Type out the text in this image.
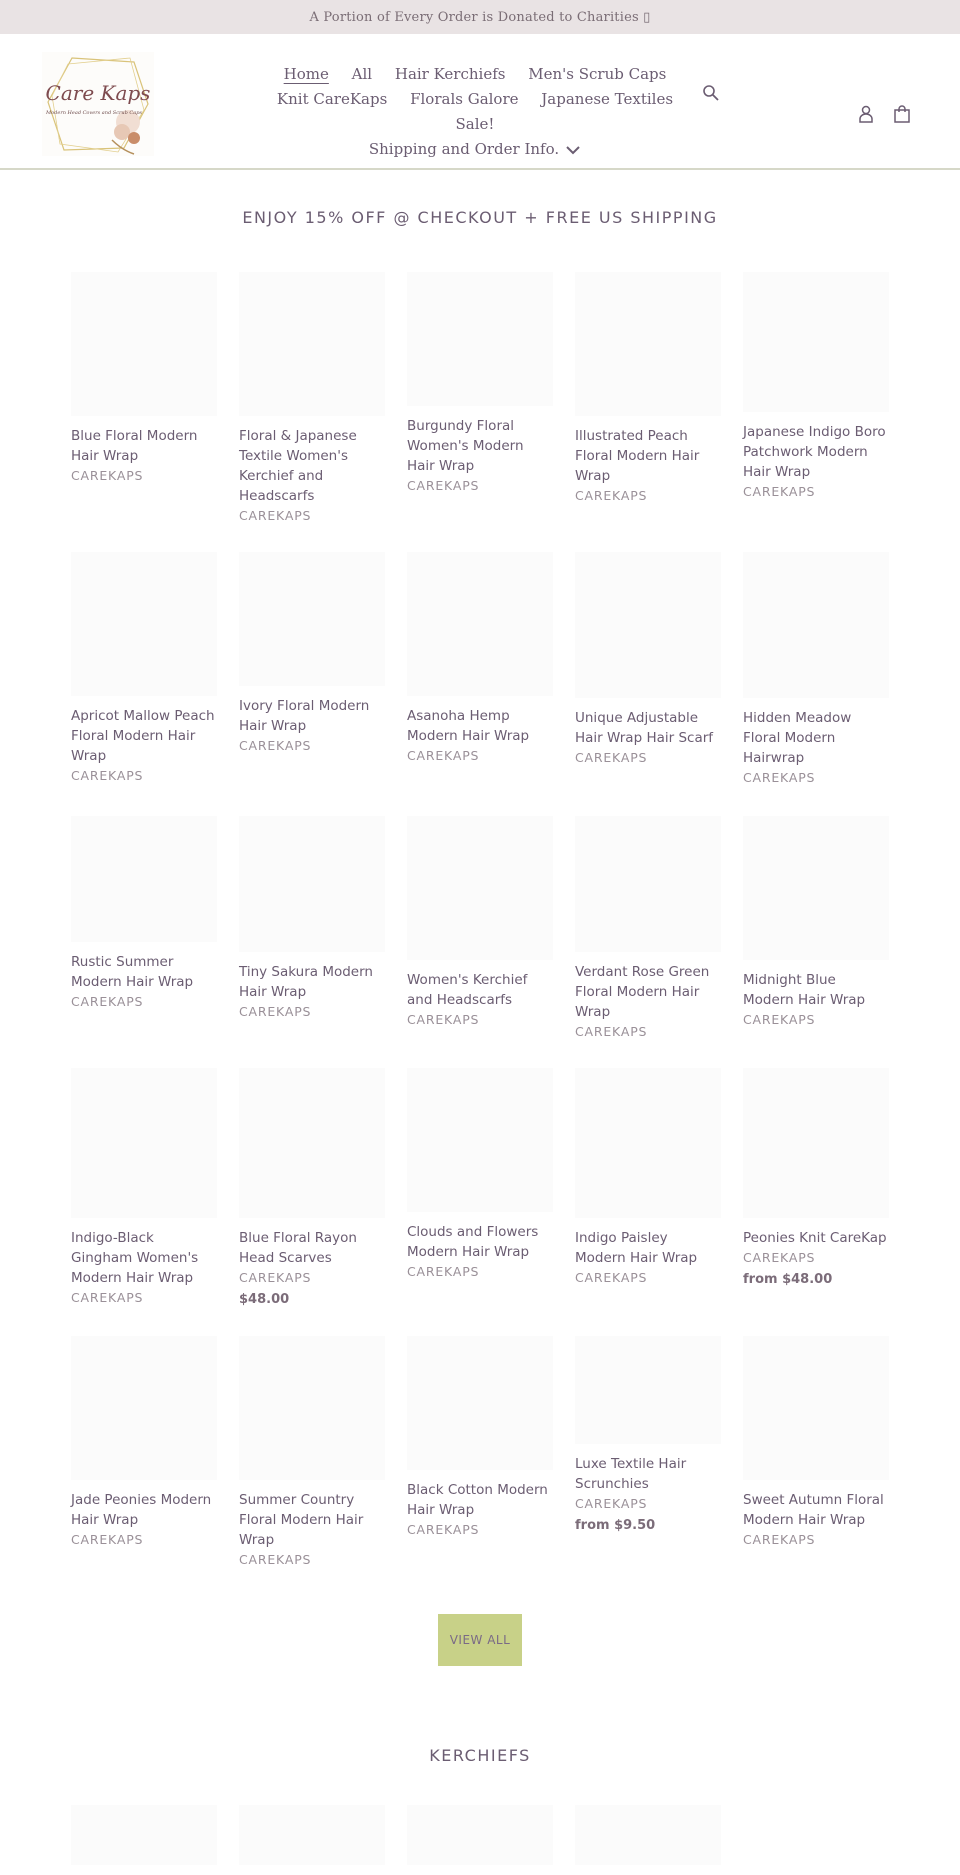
A Portion of Every Order is Donated to Charities ▯
Care Kaps
Modern Head Covers and Scrub Caps
Home All Hair Kerchiefs Men's Scrub Caps
Knit CareKaps Florals Galore Japanese Textiles Sale!
Shipping and Order Info.
ENJOY 15% OFF @ CHECKOUT + FREE US SHIPPING
Blue Floral Modern Hair Wrap
CAREKAPS
Floral & Japanese Textile Women's Kerchief and Headscarfs
CAREKAPS
Burgundy Floral Women's Modern Hair Wrap
CAREKAPS
Illustrated Peach Floral Modern Hair Wrap
CAREKAPS
Japanese Indigo Boro Patchwork Modern Hair Wrap
CAREKAPS
Apricot Mallow Peach Floral Modern Hair Wrap
CAREKAPS
Ivory Floral Modern Hair Wrap
CAREKAPS
Asanoha Hemp Modern Hair Wrap
CAREKAPS
Unique Adjustable Hair Wrap Hair Scarf
CAREKAPS
Hidden Meadow Floral Modern Hairwrap
CAREKAPS
Rustic Summer Modern Hair Wrap
CAREKAPS
Tiny Sakura Modern Hair Wrap
CAREKAPS
Women's Kerchief and Headscarfs
CAREKAPS
Verdant Rose Green Floral Modern Hair Wrap
CAREKAPS
Midnight Blue Modern Hair Wrap
CAREKAPS
Indigo-Black Gingham Women's Modern Hair Wrap
CAREKAPS
Blue Floral Rayon Head Scarves
CAREKAPS
$48.00
Clouds and Flowers Modern Hair Wrap
CAREKAPS
Indigo Paisley Modern Hair Wrap
CAREKAPS
Peonies Knit CareKap
CAREKAPS
from $48.00
Jade Peonies Modern Hair Wrap
CAREKAPS
Summer Country Floral Modern Hair Wrap
CAREKAPS
Black Cotton Modern Hair Wrap
CAREKAPS
Luxe Textile Hair Scrunchies
CAREKAPS
from $9.50
Sweet Autumn Floral Modern Hair Wrap
CAREKAPS
VIEW ALL
KERCHIEFS
